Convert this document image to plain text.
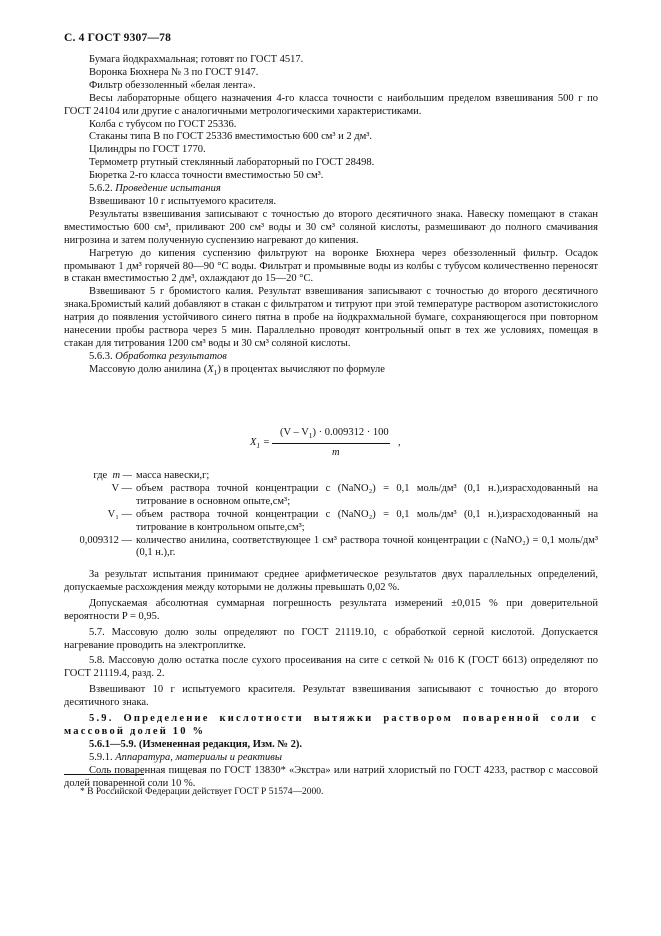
С. 4 ГОСТ 9307—78

Бумага йодкрахмальная; готовят по ГОСТ 4517.

Воронка Бюхнера № 3 по ГОСТ 9147.

Фильтр обеззоленный «белая лента».

Весы лабораторные общего назначения 4-го класса точности с наибольшим пределом взвешивания 500 г по ГОСТ 24104 или другие с аналогичными метрологическими характеристиками.

Колба с тубусом по ГОСТ 25336.

Стаканы типа В по ГОСТ 25336 вместимостью 600 см³ и 2 дм³.

Цилиндры по ГОСТ 1770.

Термометр ртутный стеклянный лабораторный по ГОСТ 28498.

Бюретка 2-го класса точности вместимостью 50 см³.

5.6.2. Проведение испытания

Взвешивают 10 г испытуемого красителя.

Результаты взвешивания записывают с точностью до второго десятичного знака. Навеску помещают в стакан вместимостью 600 см³, приливают 200 см³ воды и 30 см³ соляной кислоты, размешивают до полного смачивания нигрозина и затем полученную суспензию нагревают до кипения.

Нагретую до кипения суспензию фильтруют на воронке Бюхнера через обеззоленный фильтр. Осадок промывают 1 дм³ горячей 80—90 °С воды. Фильтрат и промывные воды из колбы с тубусом количественно переносят в стакан вместимостью 2 дм³, охлаждают до 15—20 °С.

Взвешивают 5 г бромистого калия. Результат взвешивания записывают с точностью до второго десятичного знака.Бромистый калий добавляют в стакан с фильтратом и титруют при этой температуре раствором азотистокислого натрия до появления устойчивого синего пятна в пробе на йодкрахмальной бумаге, сохраняющегося при повторном нанесении пробы раствора через 5 мин. Параллельно проводят контрольный опыт в тех же условиях, помещая в стакан для титрования 1200 см³ воды и 30 см³ соляной кислоты.

5.6.3. Обработка результатов

Массовую долю анилина $(X_1)$ в процентах вычисляют по формуле

$X_1$ =
$(V - V_1) \cdot 0.009312 \cdot 100$
m
,
где m — масса навески,г;
V — объем раствора точной концентрации с (NaNO₂) = 0,1 моль/дм³ (0,1 н.),израсходованный на титрование в основном опыте,см³;
V₁ — объем раствора точной концентрации с (NaNO₂) = 0,1 моль/дм³ (0,1 н.),израсходованный на титрование в контрольном опыте,см³;
0,009312 — количество анилина, соответствующее 1 см³ раствора точной концентрации с (NaNO₂) = 0,1 моль/дм³ (0,1 н.),г.

За результат испытания принимают среднее арифметическое результатов двух параллельных определений, допускаемые расхождения между которыми не должны превышать 0,02 %.

Допускаемая абсолютная суммарная погрешность результата измерений ±0,015 % при доверительной вероятности P = 0,95.

5.7. Массовую долю золы определяют по ГОСТ 21119.10, с обработкой серной кислотой. Допускается нагревание проводить на электроплитке.

5.8. Массовую долю остатка после сухого просеивания на сите с сеткой № 016 К (ГОСТ 6613) определяют по ГОСТ 21119.4, разд. 2.

Взвешивают 10 г испытуемого красителя. Результат взвешивания записывают с точностью до второго десятичного знака.

5.9. Определение кислотности вытяжки раствором поваренной соли с массовой долей 10 %

5.6.1—5.9. (Измененная редакция, Изм. № 2).

5.9.1. Аппаратура, материалы и реактивы

Соль поваренная пищевая по ГОСТ 13830* «Экстра» или натрий хлористый по ГОСТ 4233, раствор с массовой долей поваренной соли 10 %.

* В Российской Федерации действует ГОСТ Р 51574—2000.
